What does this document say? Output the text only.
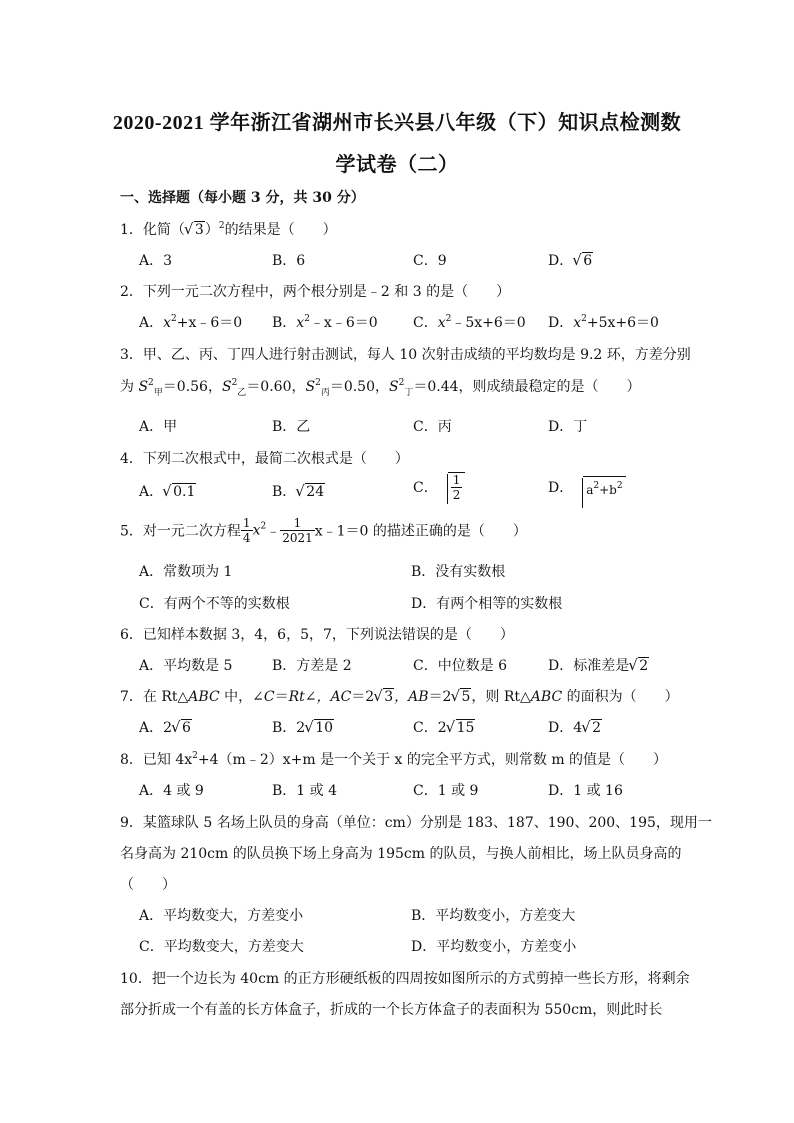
2020-2021 学年浙江省湖州市长兴县八年级（下）知识点检测数
学试卷（二）
一、选择题（每小题 3 分，共 30 分）
1．化简（ √ 3）$^2$的结果是（　　）
A．3	B．6	C．9	D． √ 6
2．下列一元二次方程中，两个根分别是﹣2 和 3 的是（　　）
A．$x^2+x﹣6=0$ B．$x^2﹣x﹣6=0$	C．$x^2﹣5x+6=0$ D．$x^2+5x+6=0$
3．甲、乙、丙、丁四人进行射击测试，每人 10 次射击成绩的平均数均是 9.2 环，方差分别
为 $S^2_甲=0.56$，$S^2_乙=0.60$，$S^2_丙=0.50$，$S^2_丁=0.44$，则成绩最稳定的是（　　）
A．甲	B．乙	C．丙	D．丁
4．下列二次根式中，最简二次根式是（　　）
A． √ 0.1	B． √ 24	C． $\frac{1}{2}$	D． $a^2+b^2$
5．对一元二次方程 $\frac{1}{4}$ $x^2﹣ \frac{1}{2021}$ x﹣1＝0 的描述正确的是（　　）
A．常数项为 1	B．没有实数根
C．有两个不等的实数根	D．有两个相等的实数根
6．已知样本数据 3，4，6，5，7，下列说法错误的是（　　）
A．平均数是 5	B．方差是 2	C．中位数是 6	D．标准差是 √ 2
7．在 Rt△ABC 中，∠C＝Rt∠，AC＝2 √ 3，AB＝2 √ 5，则 Rt△ABC 的面积为（　　）
A．2 √ 6	B．2 √ 10	C．2 √ 15	D．4 √ 2
8．已知 $4x^2+4(m﹣2)x+m$ 是一个关于 x 的完全平方式，则常数 m 的值是（　　）
A．4 或 9	B．1 或 4	C．1 或 9	D．1 或 16
9．某篮球队 5 名场上队员的身高（单位：cm）分别是 183、187、190、200、195，现用一
名身高为 210cm 的队员换下场上身高为 195cm 的队员，与换人前相比，场上队员身高的
（　　）
A．平均数变大，方差变小	B．平均数变小，方差变大
C．平均数变大，方差变大	D．平均数变小，方差变小
10．把一个边长为 40cm 的正方形硬纸板的四周按如图所示的方式剪掉一些长方形，将剩余
部分折成一个有盖的长方体盒子，折成的一个长方体盒子的表面积为 550cm，则此时长
